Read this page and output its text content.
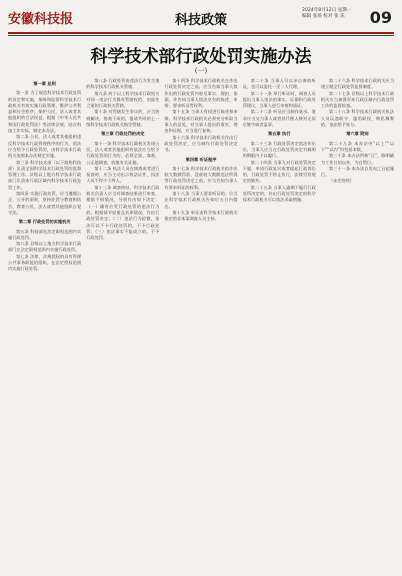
安徽科技报	科技政策
2024年8月12日 星期一
编辑 张扬 校对 张 乐	09
科学技术部行政处罚实施办法
(一)

第一章 总则

第一条 为了规范科学技术行政处罚的设定和实施，保障和监督科学技术行政机关有效实施行政管理，维护公共利益和社会秩序，保护公民、法人或者其他组织的合法权益，根据《中华人民共和国行政处罚法》等法律法规，结合科技工作实际，制定本办法。

第二条 公民、法人或者其他组织违反科学技术行政管理秩序的行为，依法应当给予行政处罚的，由科学技术行政机关依照本办法规定实施。

第三条 科学技术部（以下简称科技部）负责全国科学技术行政处罚的监督管理工作。县级以上地方科学技术行政部门负责本行政区域内科学技术行政处罚工作。

第四条 实施行政处罚，应当遵循公正、公开的原则，坚持处罚与教育相结合，教育公民、法人或者其他组织自觉守法。

第二章 行政处罚的实施机关

第五条 科技部在法定职权范围内实施行政处罚。

第六条 县级以上地方科学技术行政部门在法定职权范围内实施行政处罚。

第七条 法律、法规授权的具有管理公共事务职能的组织，在法定授权范围内实施行政处罚。

第八条 行政处罚由违法行为发生地的科学技术行政机关管辖。

第九条 两个以上科学技术行政机关对同一违法行为都有管辖权的，由最先立案的行政机关管辖。

第十条 对管辖发生争议的，应当协商解决，协商不成的，报请共同的上一级科学技术行政机关指定管辖。

第三章 行政处罚的决定

第十一条 科学技术行政机关发现公民、法人或者其他组织有依法应当给予行政处罚的行为的，必须全面、客观、公正地调查，收集有关证据。

第十二条 执法人员在调查或者进行检查时，应当主动出示执法证件，执法人员不得少于两人。

第十三条 调查终结，科学技术行政机关负责人应当对调查结果进行审查，根据不同情况，分别作出如下决定：（一）确有应受行政处罚的违法行为的，根据情节轻重及具体情况，作出行政处罚决定；（二）违法行为轻微，依法可以不予行政处罚的，不予行政处罚；（三）违法事实不能成立的，不予行政处罚。

第十四条 科学技术行政机关在作出行政处罚决定之前，应当告知当事人拟作出的行政处罚内容及事实、理由、依据，并告知当事人依法享有的陈述、申辩、要求听证等权利。

第十五条 当事人有权进行陈述和申辩。科学技术行政机关必须充分听取当事人的意见，对当事人提出的事实、理由和证据，应当进行复核。

第十六条 科学技术行政机关作出行政处罚决定，应当制作行政处罚决定书。

第四章 听证程序

第十七条 科学技术行政机关拟作出较大数额罚款、没收较大数额违法所得等行政处罚决定之前，应当告知当事人有要求听证的权利。

第十八条 当事人要求听证的，应当在科学技术行政机关告知后五日内提出。

第十九条 听证由科学技术行政机关指定的非本案调查人员主持。

第二十条 当事人可以亲自参加听证，也可以委托一至二人代理。

第二十一条 举行听证时，调查人员提出当事人违法的事实、证据和行政处罚建议，当事人进行申辩和质证。

第二十二条 听证应当制作笔录。笔录应当交当事人或者其代理人核对无误后签字或者盖章。

第五章 执行

第二十三条 行政处罚决定依法作出后，当事人应当在行政处罚决定书载明的期限内予以履行。

第二十四条 当事人对行政处罚决定不服，申请行政复议或者提起行政诉讼的，行政处罚不停止执行，法律另有规定的除外。

第二十五条 当事人逾期不履行行政处罚决定的，作出行政处罚决定的科学技术行政机关可以依法采取措施。

第二十六条 科学技术行政机关应当建立健全行政处罚监督制度。

第二十七条 县级以上科学技术行政机关应当加强对本行政区域内行政处罚工作的监督检查。

第二十八条 科学技术行政机关执法人员玩忽职守、滥用职权、徇私舞弊的，依法给予处分。

第六章 附则

第二十九条 本办法中“以上”“以下”“以内”均包括本数。

第三十条 本办法所称“日”，除明确为工作日的以外，为自然日。

第三十一条 本办法自发布之日起施行。

（未完待续）
